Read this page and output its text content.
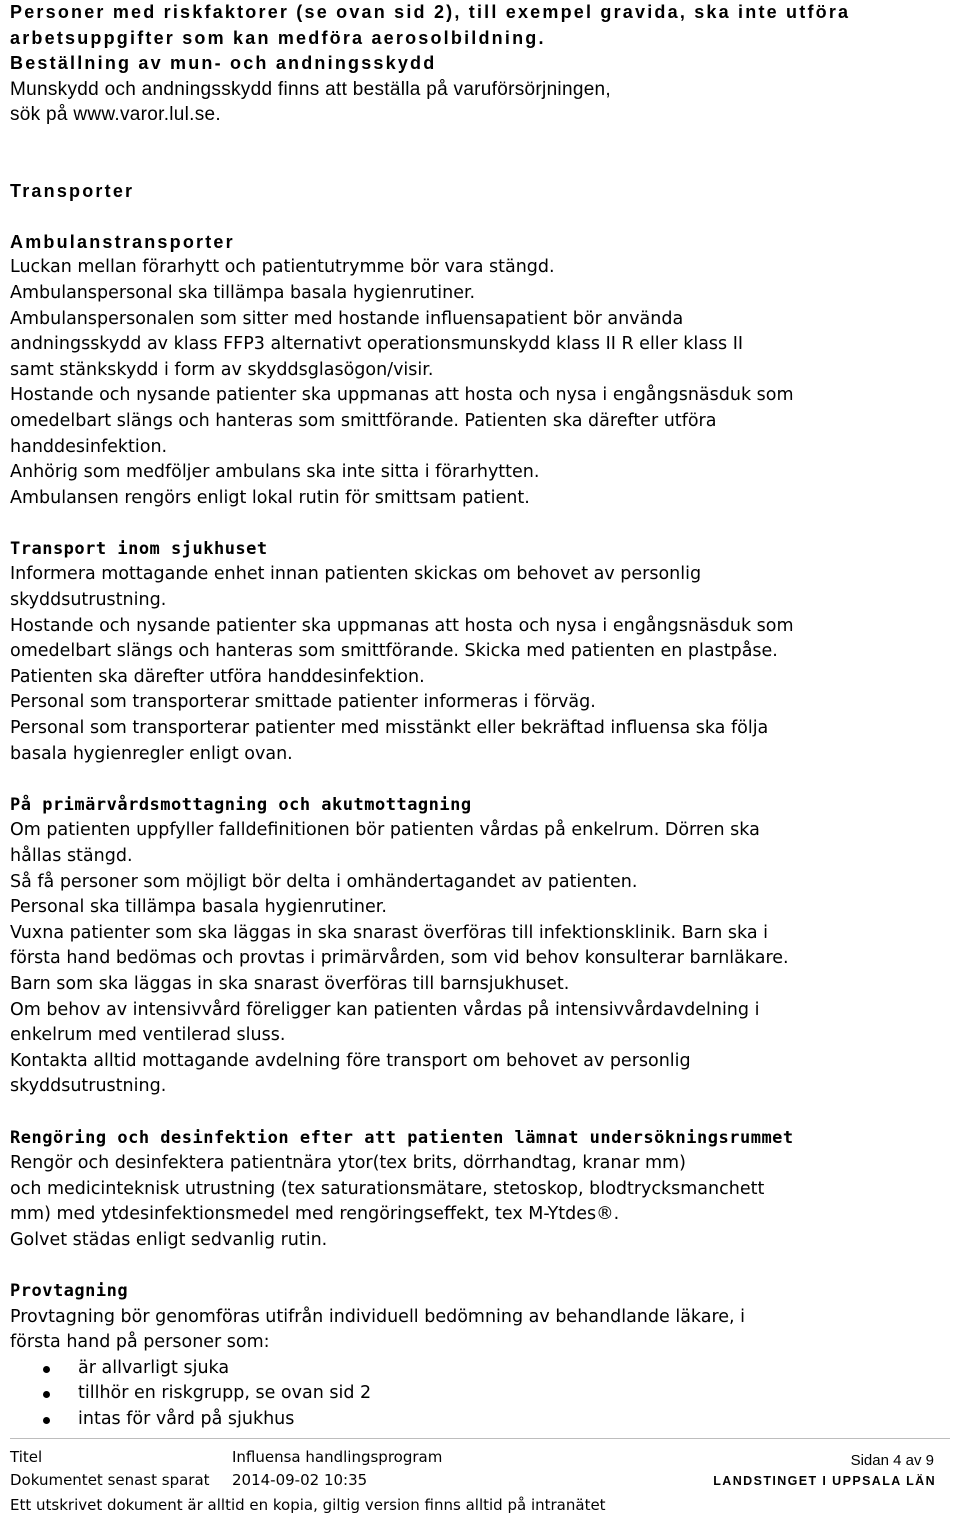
Personer med riskfaktorer (se ovan sid 2), till exempel gravida, ska inte utföra
arbetsuppgifter som kan medföra aerosolbildning.
Beställning av mun- och andningsskydd
Munskydd och andningsskydd finns att beställa på varuförsörjningen,
sök på www.varor.lul.se.
Transporter
Ambulanstransporter
Luckan mellan förarhytt och patientutrymme bör vara stängd.
Ambulanspersonal ska tillämpa basala hygienrutiner.
Ambulanspersonalen som sitter med hostande influensapatient bör använda
andningsskydd av klass FFP3 alternativt operationsmunskydd klass II R eller klass II
samt stänkskydd i form av skyddsglasögon/visir.
Hostande och nysande patienter ska uppmanas att hosta och nysa i engångsnäsduk som
omedelbart slängs och hanteras som smittförande. Patienten ska därefter utföra
handdesinfektion.
Anhörig som medföljer ambulans ska inte sitta i förarhytten.
Ambulansen rengörs enligt lokal rutin för smittsam patient.
Transport inom sjukhuset
Informera mottagande enhet innan patienten skickas om behovet av personlig
skyddsutrustning.
Hostande och nysande patienter ska uppmanas att hosta och nysa i engångsnäsduk som
omedelbart slängs och hanteras som smittförande. Skicka med patienten en plastpåse.
Patienten ska därefter utföra handdesinfektion.
Personal som transporterar smittade patienter informeras i förväg.
Personal som transporterar patienter med misstänkt eller bekräftad influensa ska följa
basala hygienregler enligt ovan.
På primärvårdsmottagning och akutmottagning
Om patienten uppfyller falldefinitionen bör patienten vårdas på enkelrum. Dörren ska
hållas stängd.
Så få personer som möjligt bör delta i omhändertagandet av patienten.
Personal ska tillämpa basala hygienrutiner.
Vuxna patienter som ska läggas in ska snarast överföras till infektionsklinik. Barn ska i
första hand bedömas och provtas i primärvården, som vid behov konsulterar barnläkare.
Barn som ska läggas in ska snarast överföras till barnsjukhuset.
Om behov av intensivvård föreligger kan patienten vårdas på intensivvårdavdelning i
enkelrum med ventilerad sluss.
Kontakta alltid mottagande avdelning före transport om behovet av personlig
skyddsutrustning.
Rengöring och desinfektion efter att patienten lämnat undersökningsrummet
Rengör och desinfektera patientnära ytor(tex brits, dörrhandtag, kranar mm)
och medicinteknisk utrustning (tex saturationsmätare, stetoskop, blodtrycksmanchett
mm) med ytdesinfektionsmedel med rengöringseffekt, tex M-Ytdes®.
Golvet städas enligt sedvanlig rutin.
Provtagning
Provtagning bör genomföras utifrån individuell bedömning av behandlande läkare, i
första hand på personer som:
är allvarligt sjuka
tillhör en riskgrupp, se ovan sid 2
intas för vård på sjukhus
Titel	Influensa handlingsprogram	Sidan 4 av 9
Dokumentet senast sparat 2014-09-02 10:35	LANDSTINGET I UPPSALA LÄN
Ett utskrivet dokument är alltid en kopia, giltig version finns alltid på intranätet
